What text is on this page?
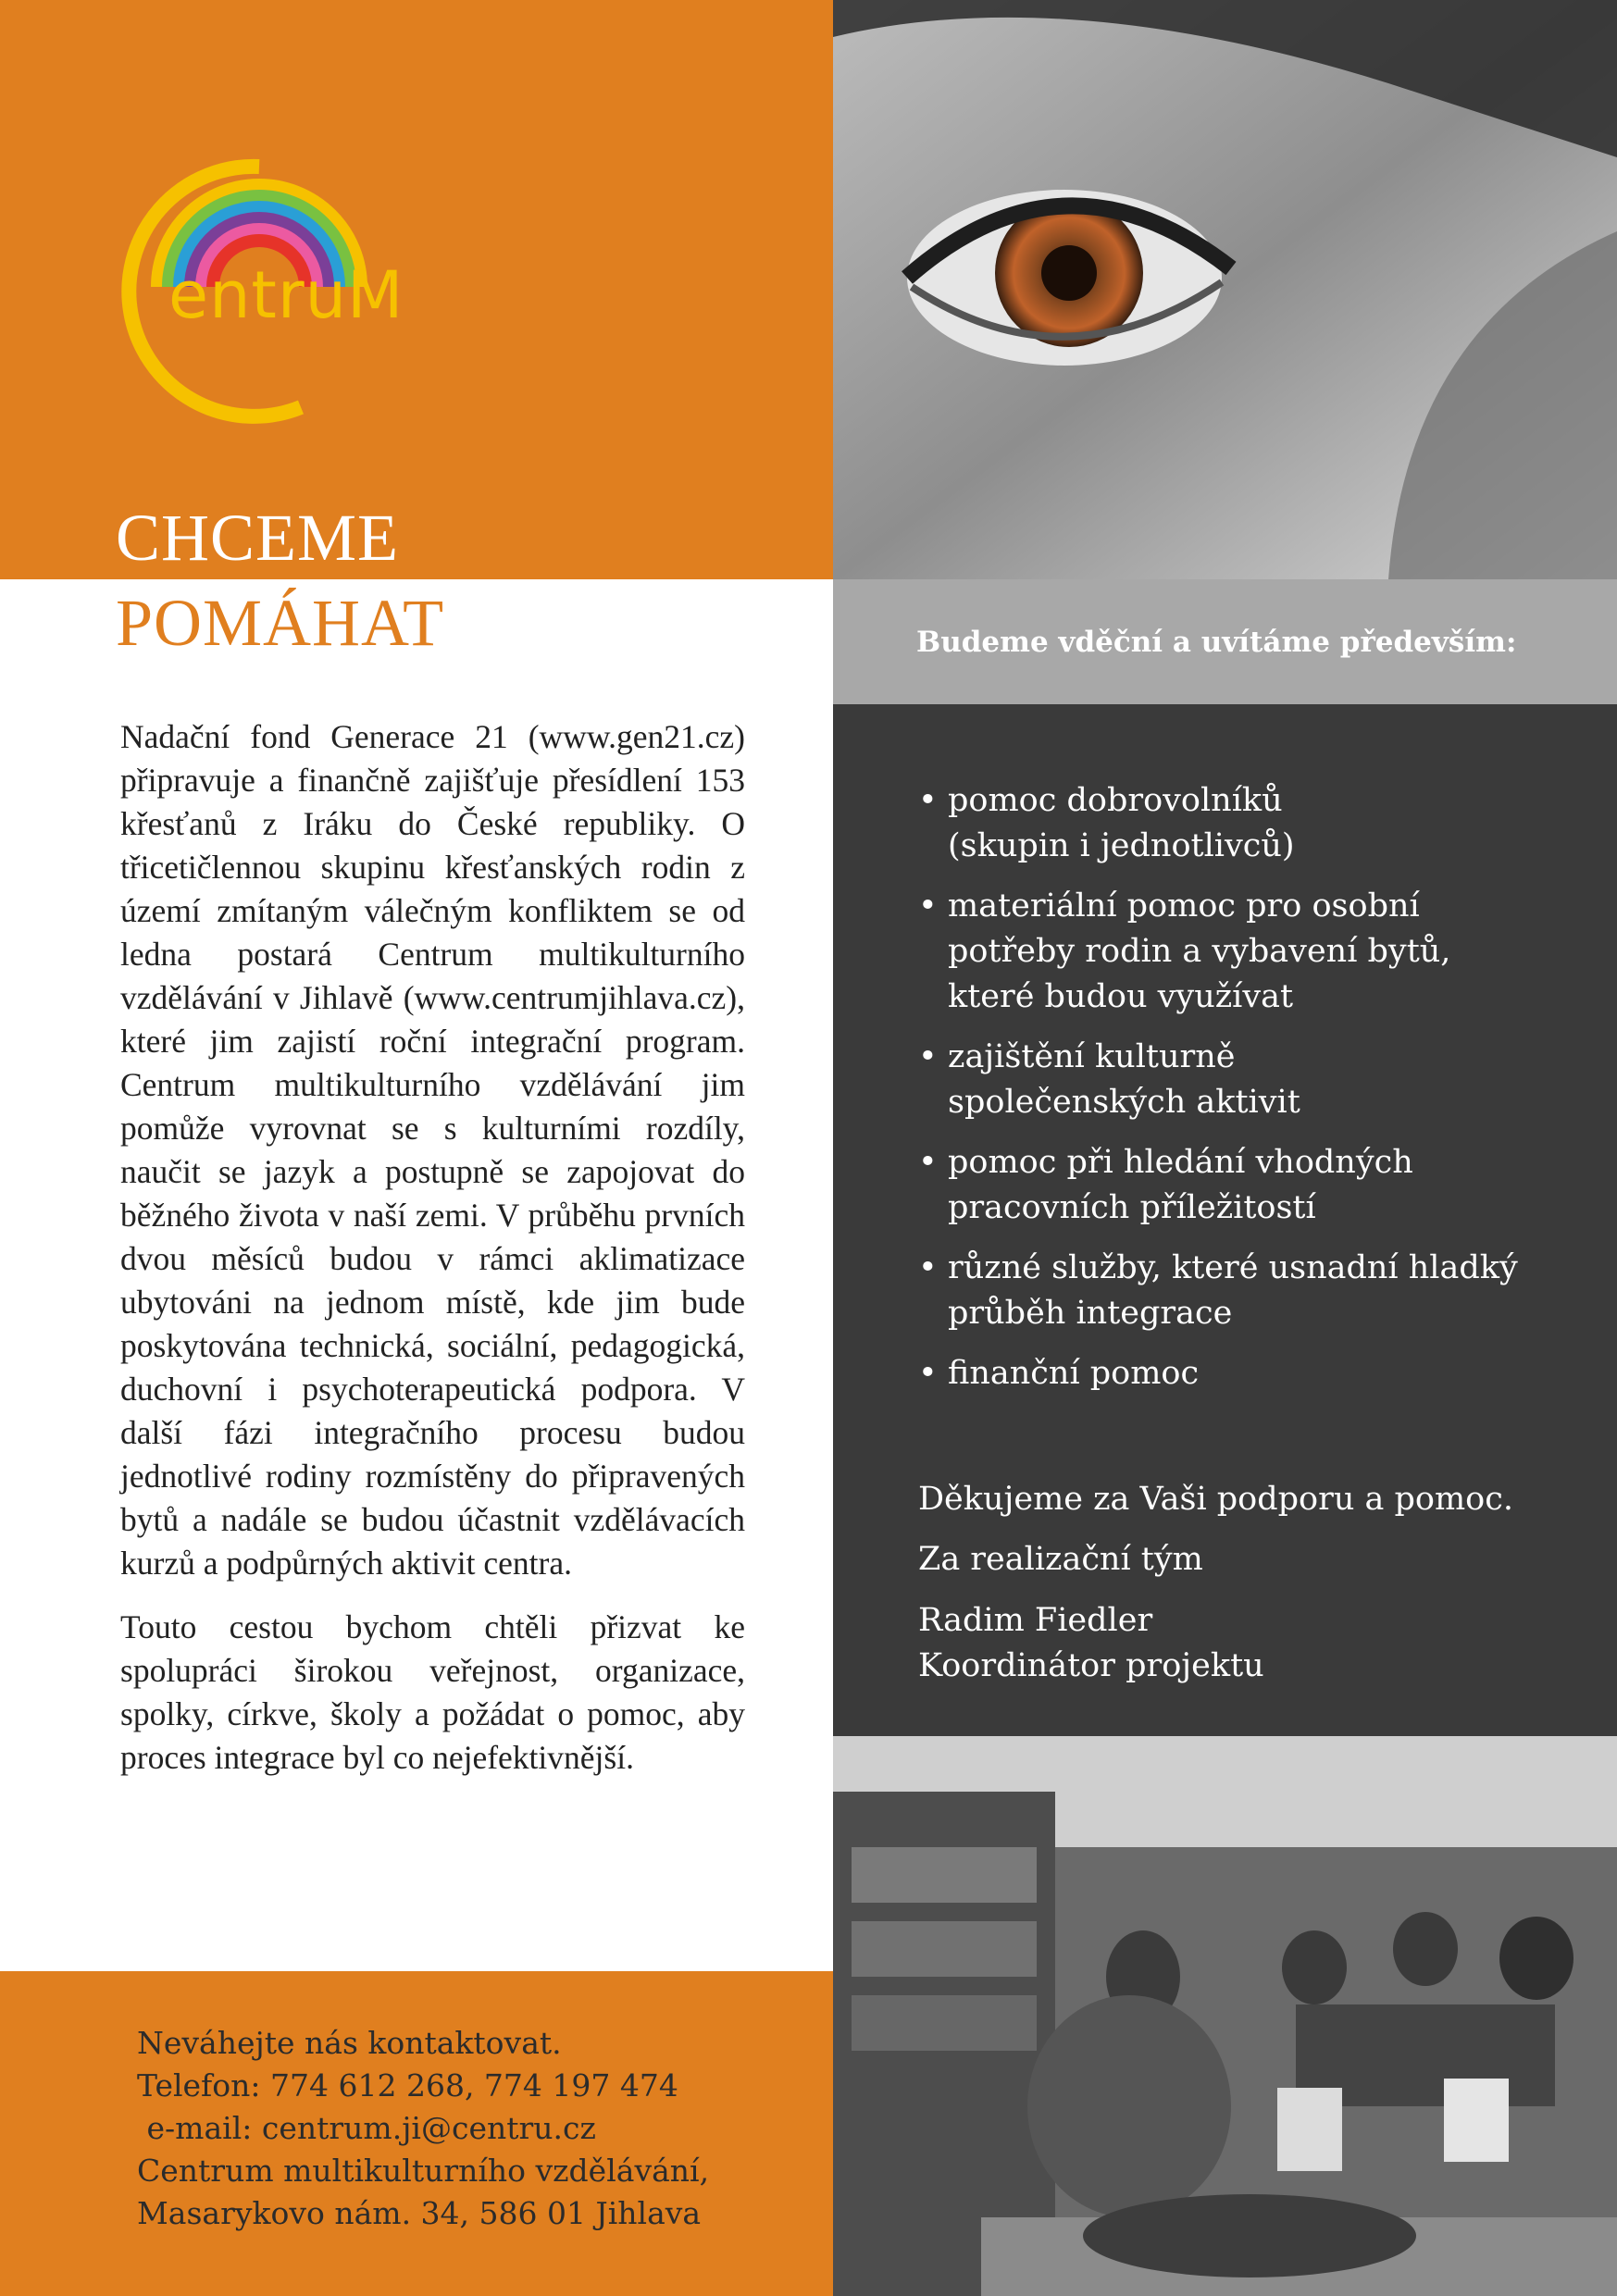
entruM
CHCEME
POMÁHAT

Nadační fond Generace 21 (www.gen21.cz) připravuje a finančně zajišťuje přesídlení 153 křesťanů z Iráku do České republiky. O třicetičlennou skupinu křesťanských rodin z území zmítaným válečným konfliktem se od ledna postará Centrum multikulturního vzdělávání v Jihlavě (www.centrumjihlava.cz), které jim zajistí roční integrační program. Centrum multikulturního vzdělávání jim pomůže vyrovnat se s kulturními rozdíly, naučit se jazyk a postupně se zapojovat do běžného života v naší zemi. V průběhu prvních dvou měsíců budou v rámci aklimatizace ubytováni na jednom místě, kde jim bude poskytována technická, sociální, pedagogická, duchovní i psychoterapeutická podpora. V další fázi integračního procesu budou jednotlivé rodiny rozmístěny do připravených bytů a nadále se budou účastnit vzdělávacích kurzů a podpůrných aktivit centra.

Touto cestou bychom chtěli přizvat ke spolupráci širokou veřejnost, organizace, spolky, církve, školy a požádat o pomoc, aby proces integrace byl co nejefektivnější.

Neváhejte nás kontaktovat.
Telefon: 774 612 268, 774 197 474
e-mail: centrum.ji@centru.cz
Centrum multikulturního vzdělávání,
Masarykovo nám. 34, 586 01 Jihlava
Budeme vděční a uvítáme především:
• pomoc dobrovolníků
(skupin i jednotlivců)
• materiální pomoc pro osobní
potřeby rodin a vybavení bytů,
které budou využívat
• zajištění kulturně
společenských aktivit
• pomoc při hledání vhodných
pracovních příležitostí
• různé služby, které usnadní hladký
průběh integrace
• finanční pomoc
Děkujeme za Vaši podporu a pomoc.
Za realizační tým
Radim Fiedler
Koordinátor projektu
